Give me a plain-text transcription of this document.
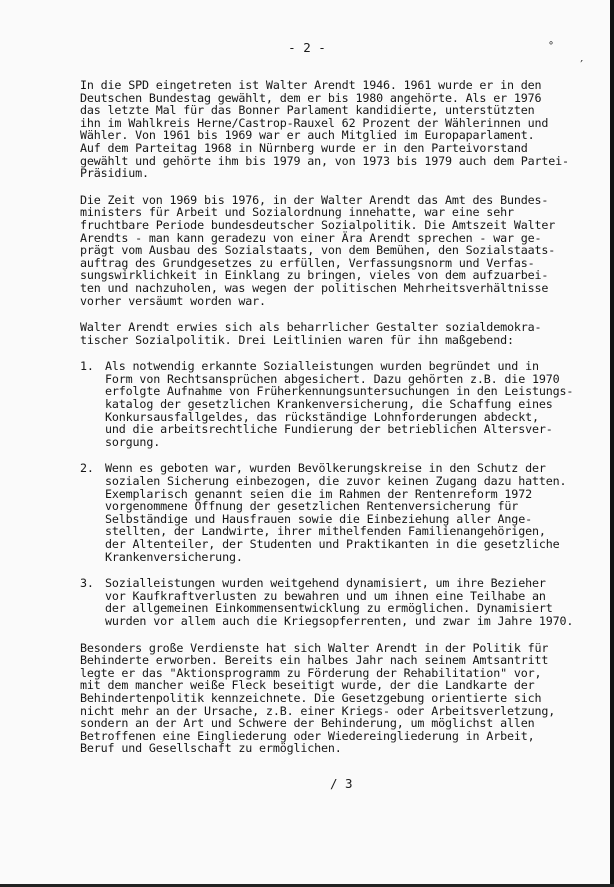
∘
′
- 2 -
In die SPD eingetreten ist Walter Arendt 1946. 1961 wurde er in den
Deutschen Bundestag gewählt, dem er bis 1980 angehörte. Als er 1976
das letzte Mal für das Bonner Parlament kandidierte, unterstützten
ihn im Wahlkreis Herne/Castrop-Rauxel 62 Prozent der Wählerinnen und
Wähler. Von 1961 bis 1969 war er auch Mitglied im Europaparlament.
Auf dem Parteitag 1968 in Nürnberg wurde er in den Parteivorstand
gewählt und gehörte ihm bis 1979 an, von 1973 bis 1979 auch dem Partei-
Präsidium.
Die Zeit von 1969 bis 1976, in der Walter Arendt das Amt des Bundes-
ministers für Arbeit und Sozialordnung innehatte, war eine sehr
fruchtbare Periode bundesdeutscher Sozialpolitik. Die Amtszeit Walter
Arendts - man kann geradezu von einer Ära Arendt sprechen - war ge-
prägt vom Ausbau des Sozialstaats, von dem Bemühen, den Sozialstaats-
auftrag des Grundgesetzes zu erfüllen, Verfassungsnorm und Verfas-
sungswirklichkeit in Einklang zu bringen, vieles von dem aufzuarbei-
ten und nachzuholen, was wegen der politischen Mehrheitsverhältnisse
vorher versäumt worden war.
Walter Arendt erwies sich als beharrlicher Gestalter sozialdemokra-
tischer Sozialpolitik. Drei Leitlinien waren für ihn maßgebend:
1. Als notwendig erkannte Sozialleistungen wurden begründet und in
Form von Rechtsansprüchen abgesichert. Dazu gehörten z.B. die 1970
erfolgte Aufnahme von Früherkennungsuntersuchungen in den Leistungs-
katalog der gesetzlichen Krankenversicherung, die Schaffung eines
Konkursausfallgeldes, das rückständige Lohnforderungen abdeckt,
und die arbeitsrechtliche Fundierung der betrieblichen Altersver-
sorgung.
2. Wenn es geboten war, wurden Bevölkerungskreise in den Schutz der
sozialen Sicherung einbezogen, die zuvor keinen Zugang dazu hatten.
Exemplarisch genannt seien die im Rahmen der Rentenreform 1972
vorgenommene Öffnung der gesetzlichen Rentenversicherung für
Selbständige und Hausfrauen sowie die Einbeziehung aller Ange-
stellten, der Landwirte, ihrer mithelfenden Familienangehörigen,
der Altenteiler, der Studenten und Praktikanten in die gesetzliche
Krankenversicherung.
3. Sozialleistungen wurden weitgehend dynamisiert, um ihre Bezieher
vor Kaufkraftverlusten zu bewahren und um ihnen eine Teilhabe an
der allgemeinen Einkommensentwicklung zu ermöglichen. Dynamisiert
wurden vor allem auch die Kriegsopferrenten, und zwar im Jahre 1970.
Besonders große Verdienste hat sich Walter Arendt in der Politik für
Behinderte erworben. Bereits ein halbes Jahr nach seinem Amtsantritt
legte er das "Aktionsprogramm zu Förderung der Rehabilitation" vor,
mit dem mancher weiße Fleck beseitigt wurde, der die Landkarte der
Behindertenpolitik kennzeichnete. Die Gesetzgebung orientierte sich
nicht mehr an der Ursache, z.B. einer Kriegs- oder Arbeitsverletzung,
sondern an der Art und Schwere der Behinderung, um möglichst allen
Betroffenen eine Eingliederung oder Wiedereingliederung in Arbeit,
Beruf und Gesellschaft zu ermöglichen.
/ 3
